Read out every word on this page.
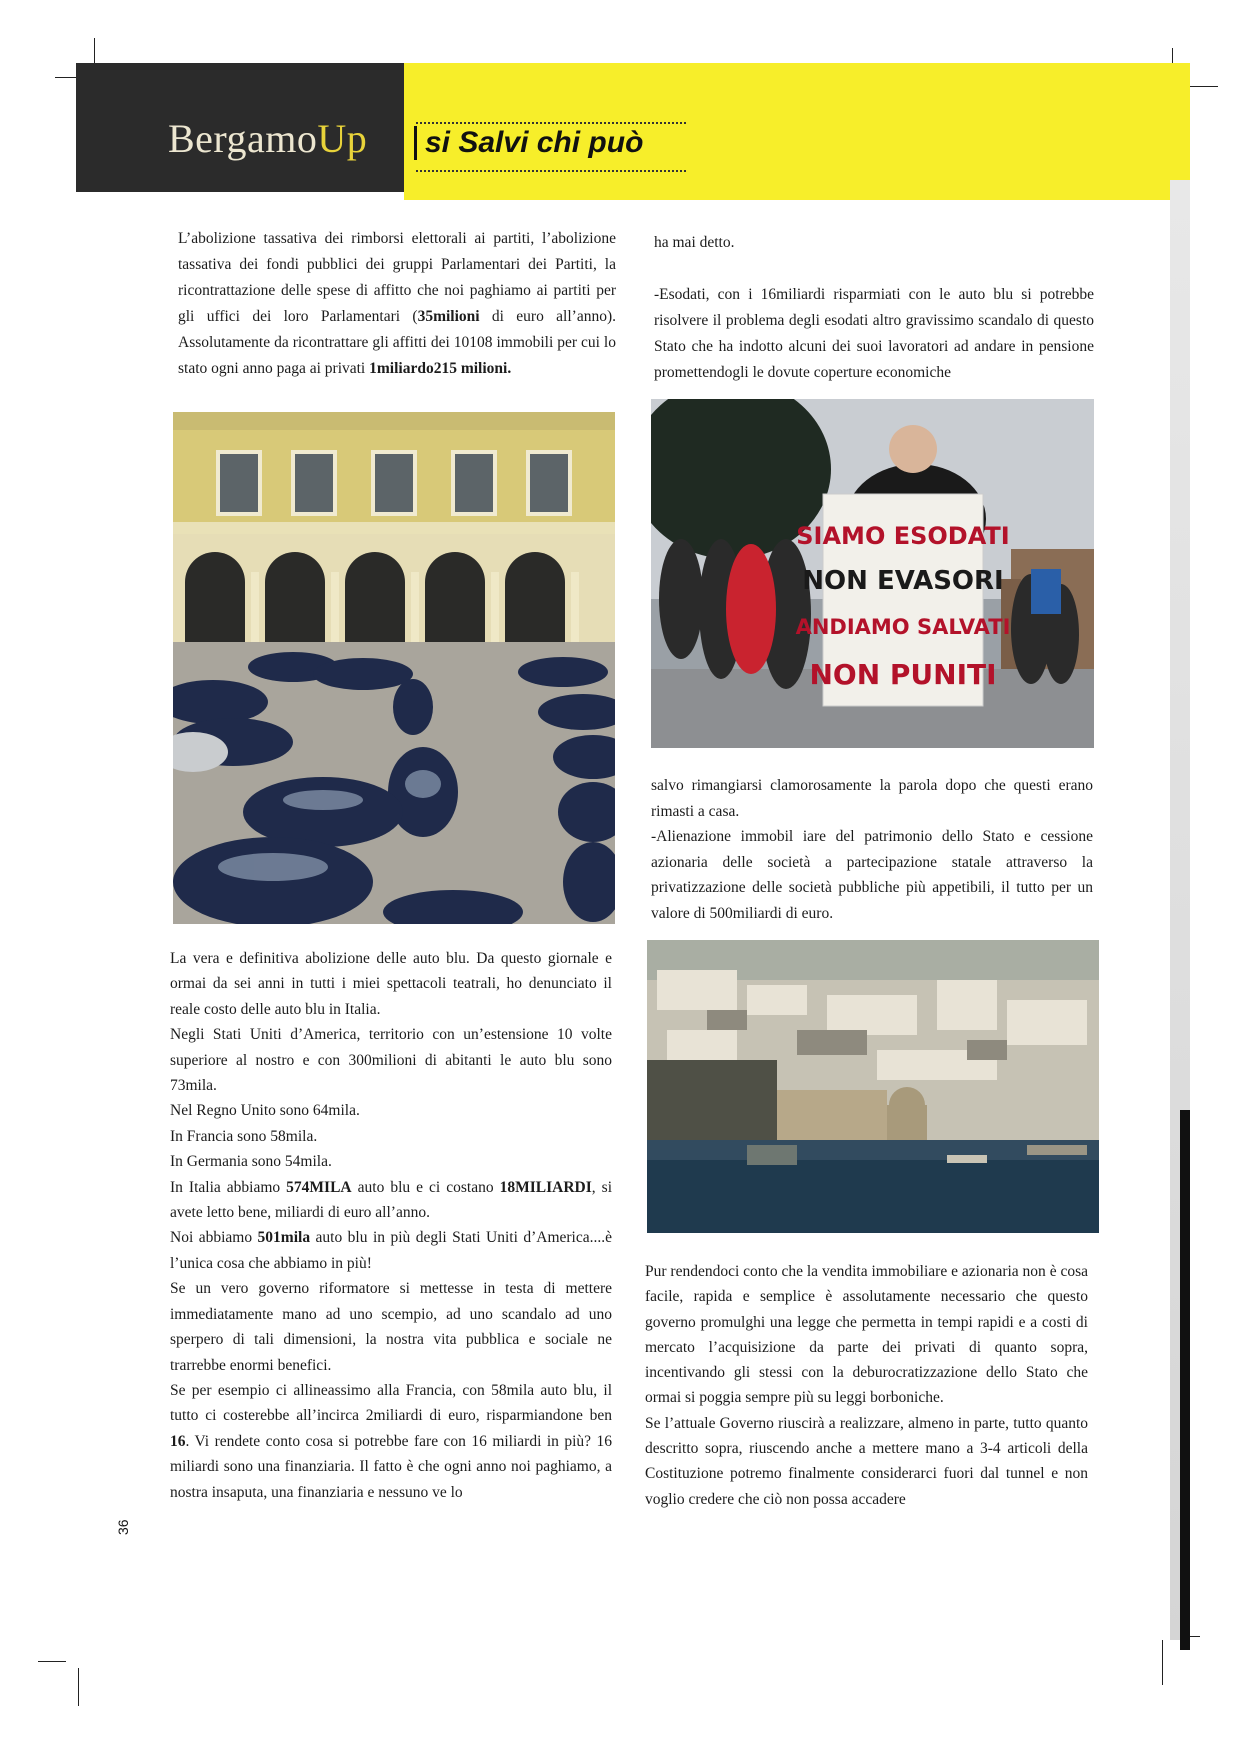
BergamoUp	si Salvi chi può

L’abolizione tassativa dei rimborsi elettorali ai partiti, l’abolizione tassativa dei fondi pubblici dei gruppi Parlamentari dei Partiti, la ricontrattazione delle spese di affitto che noi paghiamo ai partiti per gli uffici dei loro Parlamentari (35milioni di euro all’anno). Assolutamente da ricontrattare gli affitti dei 10108 immobili per cui lo stato ogni anno paga ai privati 1miliardo215 milioni.

La vera e definitiva abolizione delle auto blu. Da questo giornale e ormai da sei anni in tutti i miei spettacoli teatrali, ho denunciato il reale costo delle auto blu in Italia.

Negli Stati Uniti d’America, territorio con un’estensione 10 volte superiore al nostro e con 300milioni di abitanti le auto blu sono 73mila.

Nel Regno Unito sono 64mila.

In Francia sono 58mila.

In Germania sono 54mila.

In Italia abbiamo 574MILA auto blu e ci costano 18MILIARDI, si avete letto bene, miliardi di euro all’anno.

Noi abbiamo 501mila auto blu in più degli Stati Uniti d’America....è l’unica cosa che abbiamo in più!

Se un vero governo riformatore si mettesse in testa di mettere immediatamente mano ad uno scempio, ad uno scandalo ad uno sperpero di tali dimensioni, la nostra vita pubblica e sociale ne trarrebbe enormi benefici.

Se per esempio ci allineassimo alla Francia, con 58mila auto blu, il tutto ci costerebbe all’incirca 2miliardi di euro, risparmiandone ben 16. Vi rendete conto cosa si potrebbe fare con 16 miliardi in più? 16 miliardi sono una finanziaria. Il fatto è che ogni anno noi paghiamo, a nostra insaputa, una finanziaria e nessuno ve lo

ha mai detto.

-Esodati, con i 16miliardi risparmiati con le auto blu si potrebbe risolvere il problema degli esodati altro gravissimo scandalo di questo Stato che ha indotto alcuni dei suoi lavoratori ad andare in pensione promettendogli le dovute coperture economiche

SIAMO ESODATI
NON EVASORI
ANDIAMO SALVATI
NON PUNITI

salvo rimangiarsi clamorosamente la parola dopo che questi erano rimasti a casa.

-Alienazione immobil iare del patrimonio dello Stato e cessione azionaria delle società a partecipazione statale attraverso la privatizzazione delle società pubbliche più appetibili, il tutto per un valore di 500miliardi di euro.

Pur rendendoci conto che la vendita immobiliare e azionaria non è cosa facile, rapida e semplice è assolutamente necessario che questo governo promulghi una legge che permetta in tempi rapidi e a costi di mercato l’acquisizione da parte dei privati di quanto sopra, incentivando gli stessi con la deburocratizzazione dello Stato che ormai si poggia sempre più su leggi borboniche.

Se l’attuale Governo riuscirà a realizzare, almeno in parte, tutto quanto descritto sopra, riuscendo anche a mettere mano a 3-4 articoli della Costituzione potremo finalmente considerarci fuori dal tunnel e non voglio credere che ciò non possa accadere

36
